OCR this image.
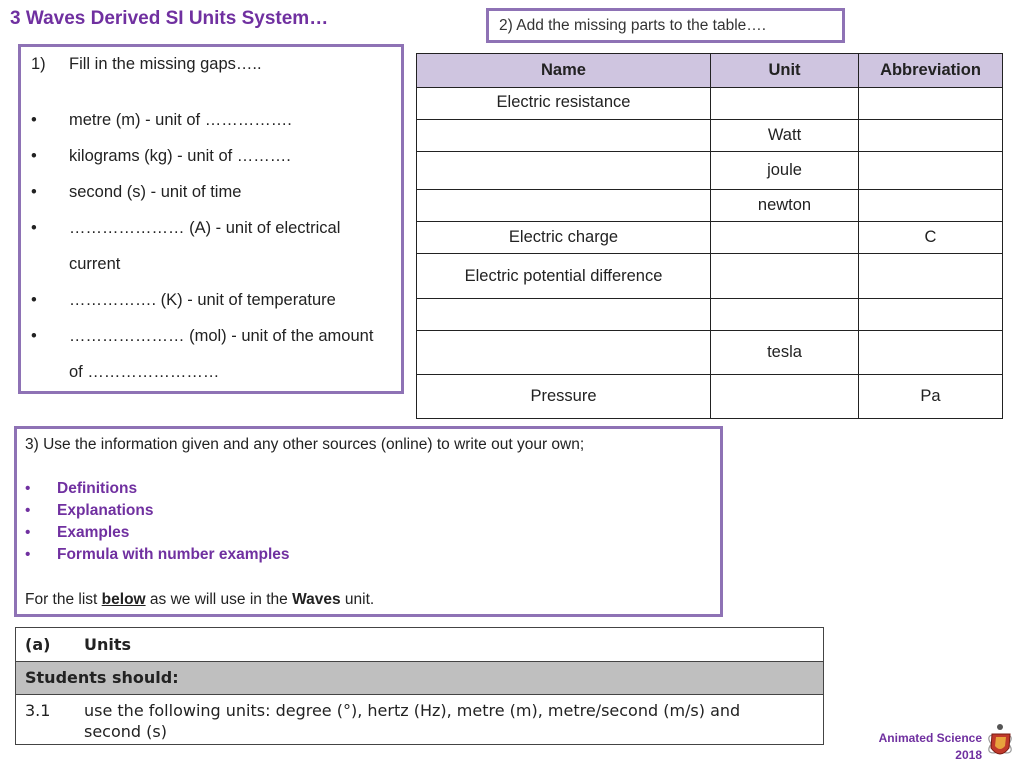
3 Waves Derived SI Units System…	2) Add the missing parts to the table….
1) Fill in the missing gaps…..
• metre (m) - unit of …………….
• kilograms (kg) - unit of ……….
• second (s) - unit of time
• ………………… (A) - unit of electrical
current
• ……………. (K) - unit of temperature
• ………………… (mol) - unit of the amount
of ……………………
Name	Unit	Abbreviation
Electric resistance		
	Watt	
	joule	
	newton	
Electric charge		C
Electric potential difference		

	tesla	
Pressure		Pa
3) Use the information given and any other sources (online) to write out your own;
• Definitions
• Explanations
• Examples
• Formula with number examples
For the list below as we will use in the Waves unit.
(a) Units
Students should:
3.1 use the following units: degree (°), hertz (Hz), metre (m), metre/second (m/s) and
second (s)	Animated Science
2018
